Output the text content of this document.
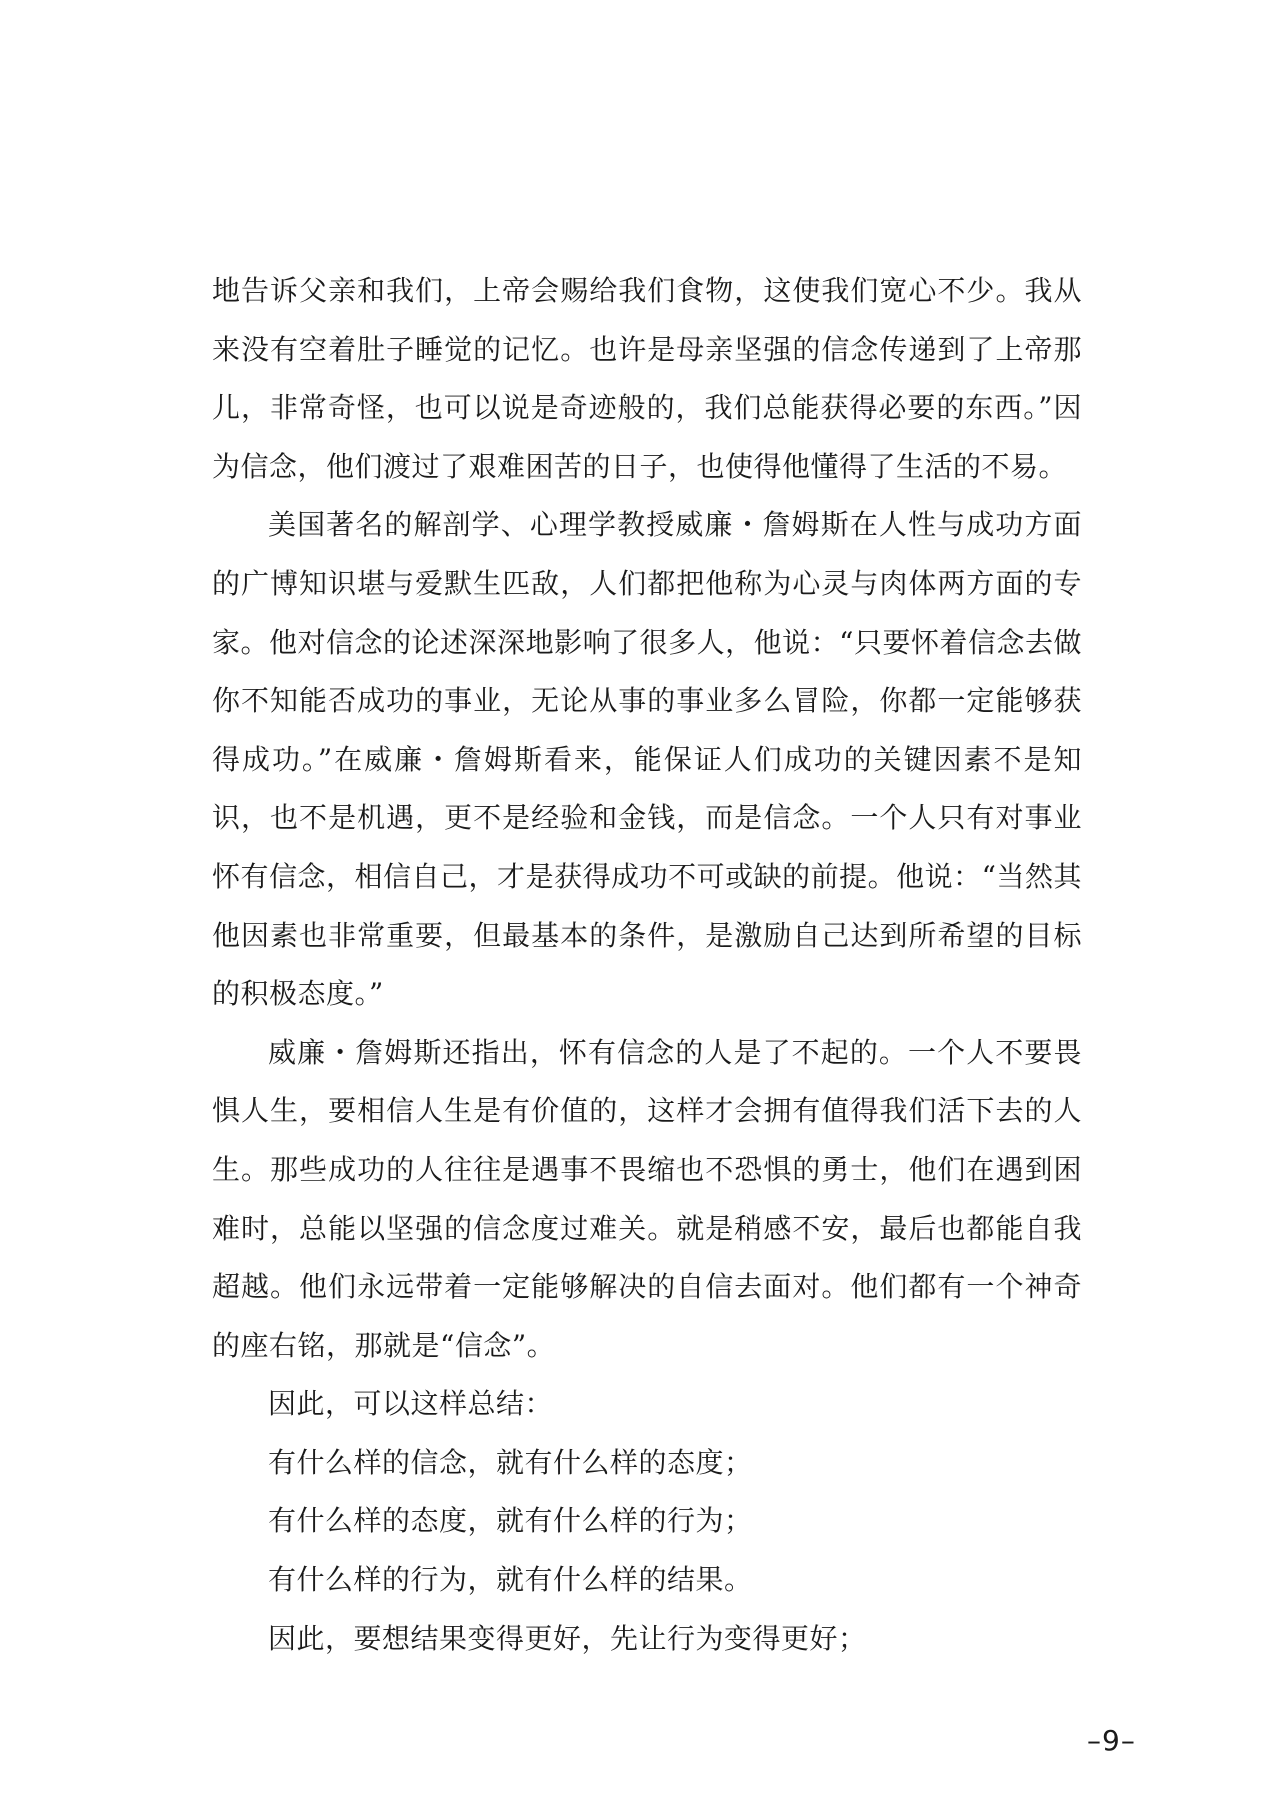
地告诉父亲和我们，上帝会赐给我们食物，这使我们宽心不少。我从来没有空着肚子睡觉的记忆。也许是母亲坚强的信念传递到了上帝那儿，非常奇怪，也可以说是奇迹般的，我们总能获得必要的东西。”因为信念，他们渡过了艰难困苦的日子，也使得他懂得了生活的不易。

美国著名的解剖学、心理学教授威廉・詹姆斯在人性与成功方面的广博知识堪与爱默生匹敌，人们都把他称为心灵与肉体两方面的专家。他对信念的论述深深地影响了很多人，他说：“只要怀着信念去做你不知能否成功的事业，无论从事的事业多么冒险，你都一定能够获得成功。”在威廉・詹姆斯看来，能保证人们成功的关键因素不是知识，也不是机遇，更不是经验和金钱，而是信念。一个人只有对事业怀有信念，相信自己，才是获得成功不可或缺的前提。他说：“当然其他因素也非常重要，但最基本的条件，是激励自己达到所希望的目标的积极态度。”

威廉・詹姆斯还指出，怀有信念的人是了不起的。一个人不要畏惧人生，要相信人生是有价值的，这样才会拥有值得我们活下去的人生。那些成功的人往往是遇事不畏缩也不恐惧的勇士，他们在遇到困难时，总能以坚强的信念度过难关。就是稍感不安，最后也都能自我超越。他们永远带着一定能够解决的自信去面对。他们都有一个神奇的座右铭，那就是“信念”。

因此，可以这样总结：

有什么样的信念，就有什么样的态度；

有什么样的态度，就有什么样的行为；

有什么样的行为，就有什么样的结果。

因此，要想结果变得更好，先让行为变得更好；

–9–
